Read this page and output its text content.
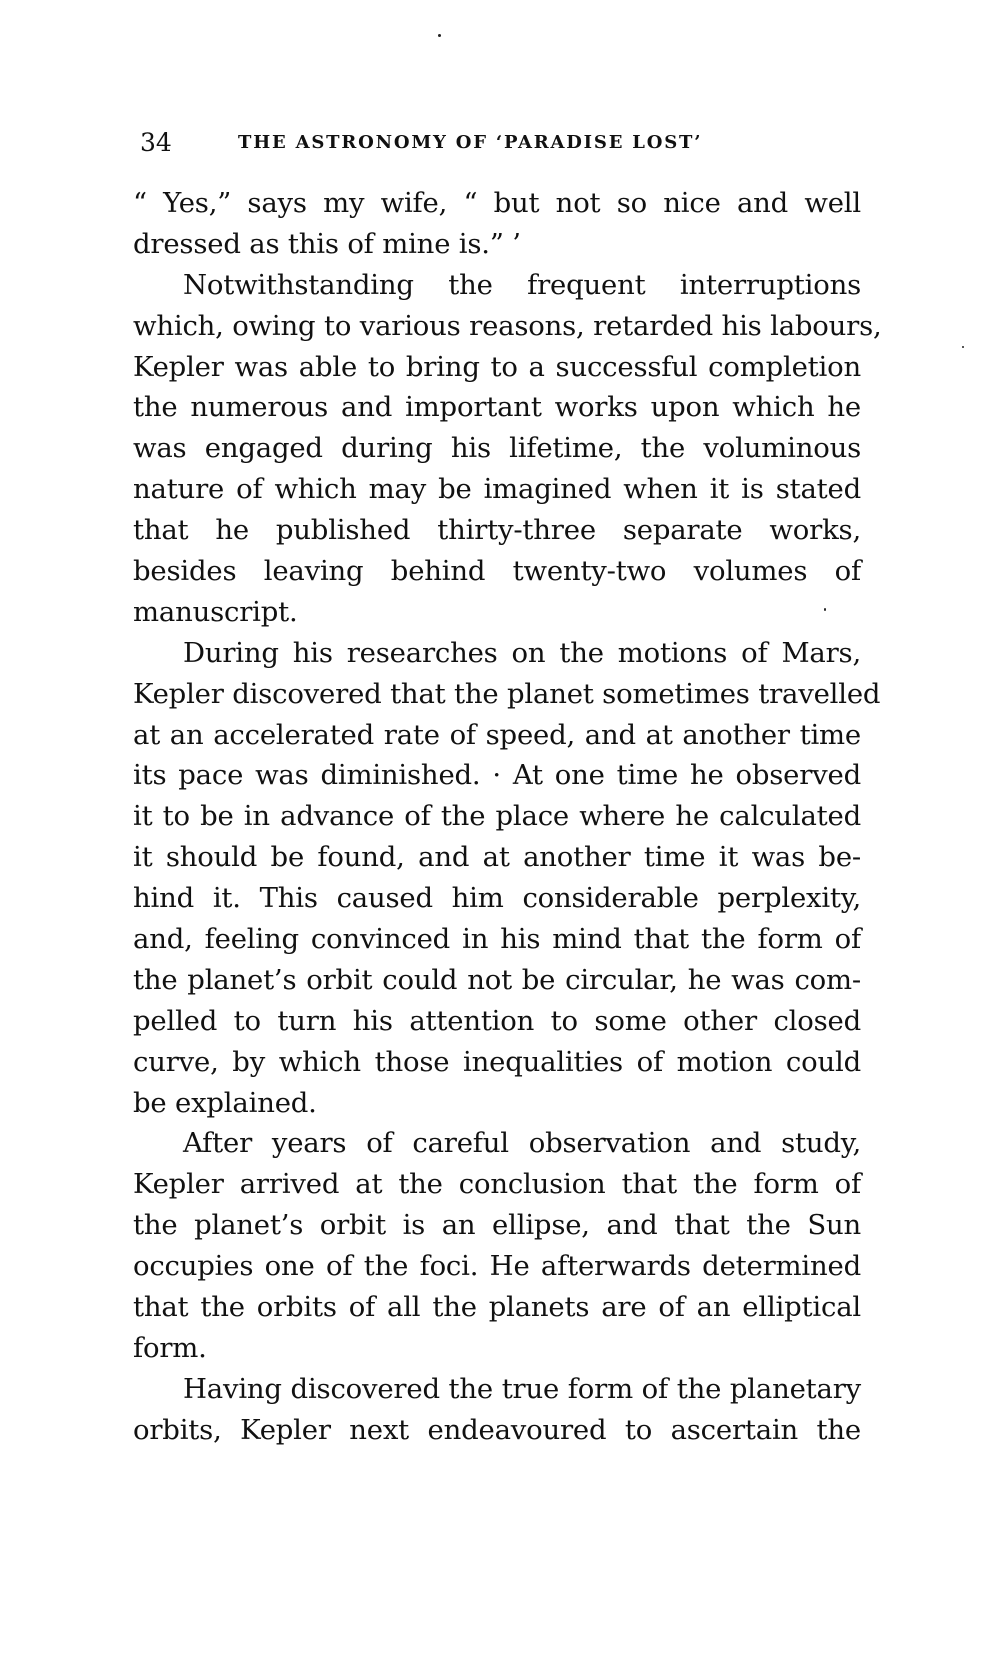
34	THE ASTRONOMY OF ‘PARADISE LOST’
“ Yes,” says my wife, “ but not so nice and well
dressed as this of mine is.” ’
Notwithstanding the frequent interruptions
which, owing to various reasons, retarded his labours,
Kepler was able to bring to a successful completion
the numerous and important works upon which he
was engaged during his lifetime, the voluminous
nature of which may be imagined when it is stated
that he published thirty-three separate works,
besides leaving behind twenty-two volumes of
manuscript.
During his researches on the motions of Mars,
Kepler discovered that the planet sometimes travelled
at an accelerated rate of speed, and at another time
its pace was diminished. · At one time he observed
it to be in advance of the place where he calculated
it should be found, and at another time it was be-
hind it. This caused him considerable perplexity,
and, feeling convinced in his mind that the form of
the planet’s orbit could not be circular, he was com-
pelled to turn his attention to some other closed
curve, by which those inequalities of motion could
be explained.
After years of careful observation and study,
Kepler arrived at the conclusion that the form of
the planet’s orbit is an ellipse, and that the Sun
occupies one of the foci. He afterwards determined
that the orbits of all the planets are of an elliptical
form.
Having discovered the true form of the planetary
orbits, Kepler next endeavoured to ascertain the
